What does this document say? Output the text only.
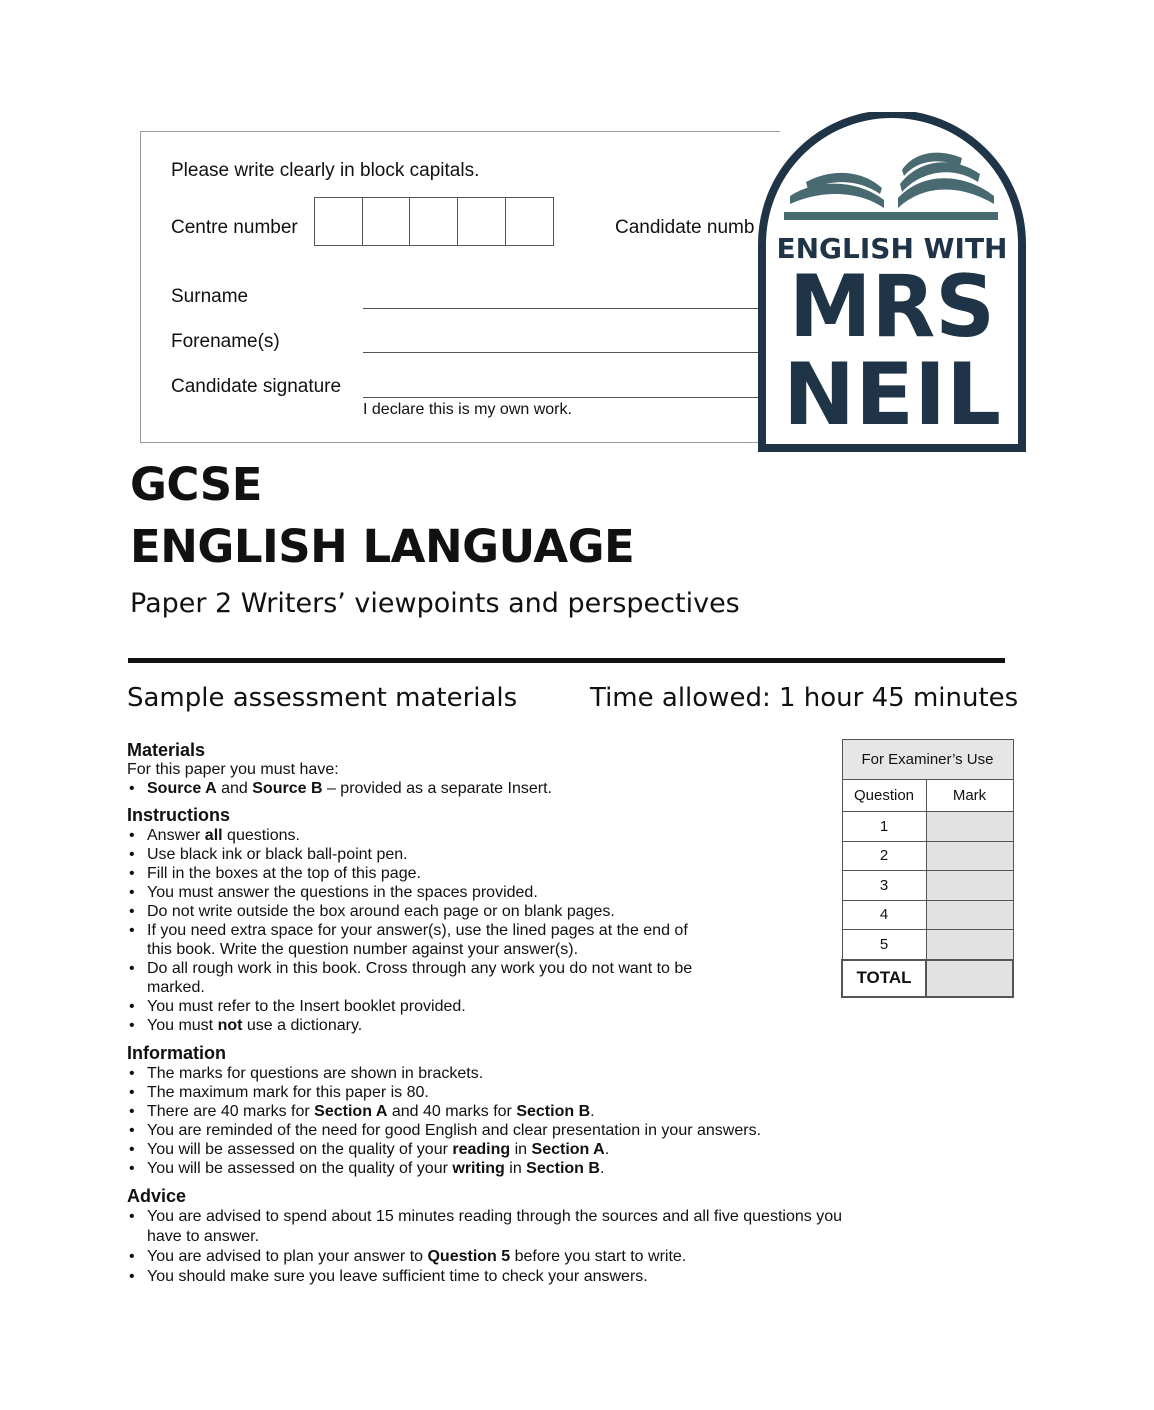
Please write clearly in block capitals.
Centre number	Candidate numb
Surname
Forename(s)
Candidate signature
I declare this is my own work.
ENGLISH WITH
MRS
NEIL
GCSE
ENGLISH LANGUAGE
Paper 2 Writers’ viewpoints and perspectives
Sample assessment materials	Time allowed: 1 hour 45 minutes
Materials
For this paper you must have:
• Source A and Source B – provided as a separate Insert.
Instructions
• Answer all questions.
• Use black ink or black ball-point pen.
• Fill in the boxes at the top of this page.
• You must answer the questions in the spaces provided.
• Do not write outside the box around each page or on blank pages.
• If you need extra space for your answer(s), use the lined pages at the end of
this book. Write the question number against your answer(s).
• Do all rough work in this book. Cross through any work you do not want to be
marked.
• You must refer to the Insert booklet provided.
• You must not use a dictionary.
Information
• The marks for questions are shown in brackets.
• The maximum mark for this paper is 80.
• There are 40 marks for Section A and 40 marks for Section B.
• You are reminded of the need for good English and clear presentation in your answers.
• You will be assessed on the quality of your reading in Section A.
• You will be assessed on the quality of your writing in Section B.
Advice
• You are advised to spend about 15 minutes reading through the sources and all five questions you
have to answer.
• You are advised to plan your answer to Question 5 before you start to write.
• You should make sure you leave sufficient time to check your answers.
For Examiner’s Use	
Question	Mark
1	
2	
3	
4	
5	
TOTAL	
